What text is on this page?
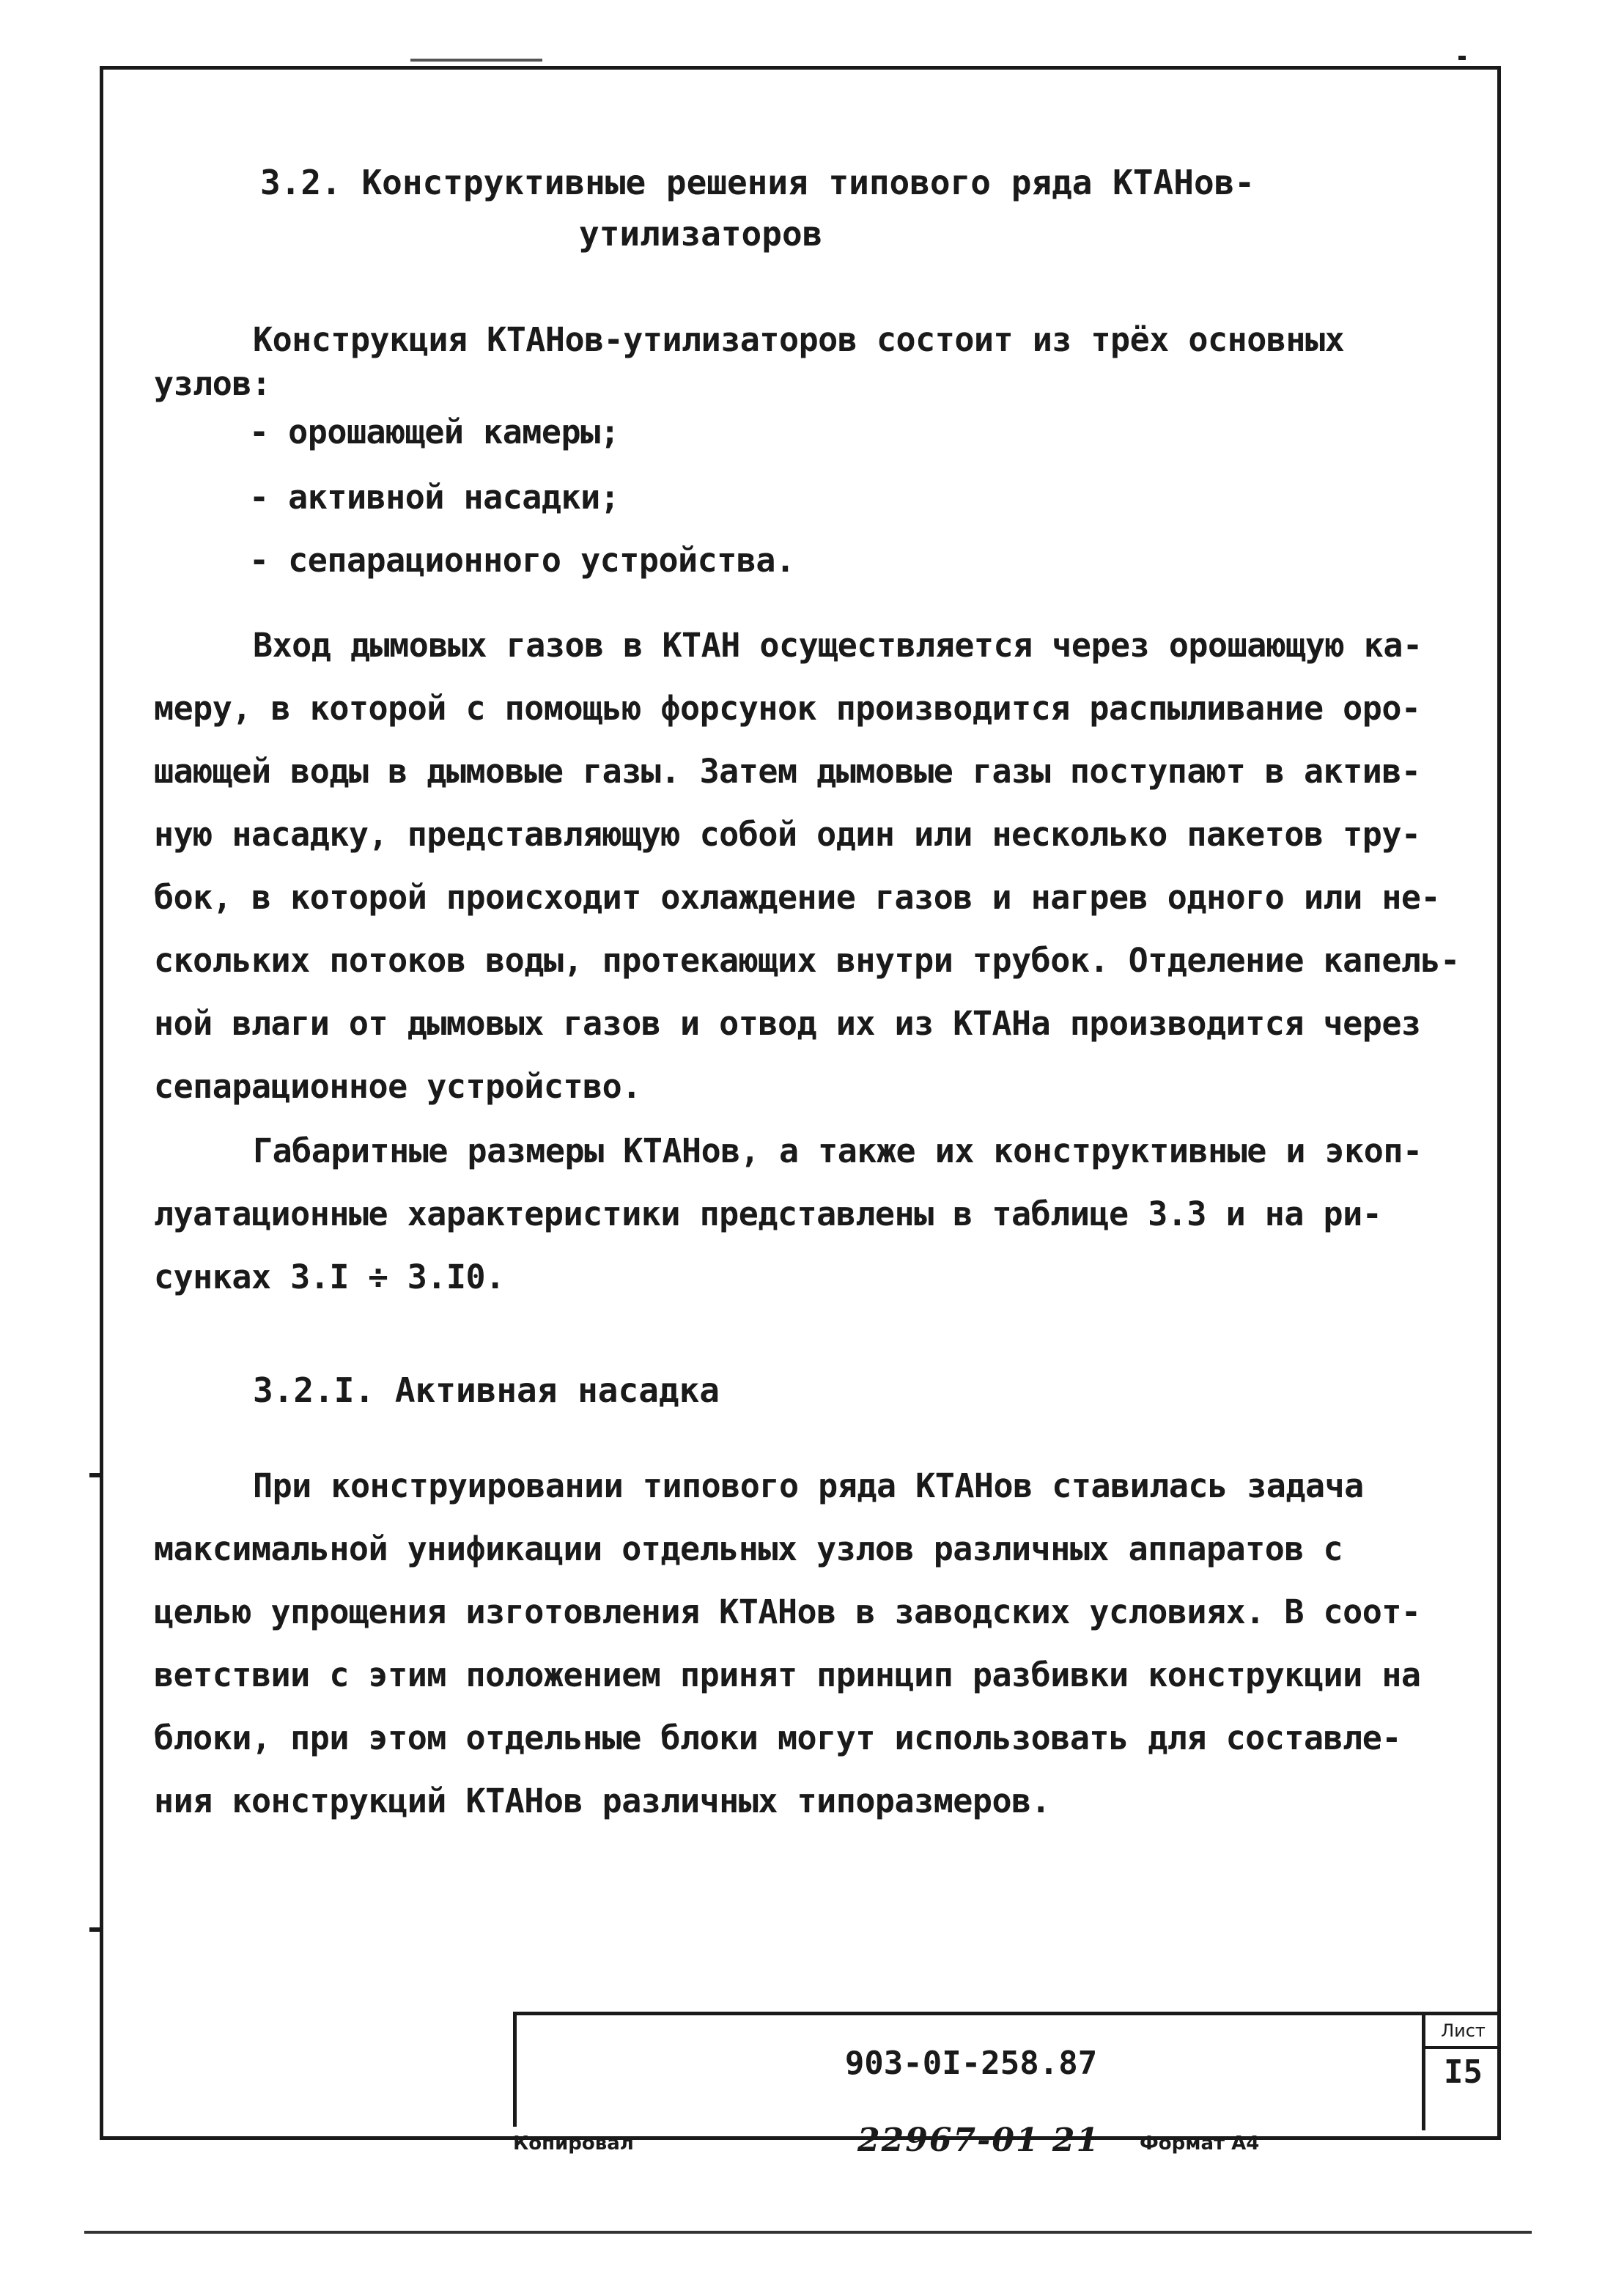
3.2. Конструктивные решения типового ряда КТАНов-
утилизаторов
Конструкция КТАНов-утилизаторов состоит из трёх основных
узлов:
- орошающей камеры;
- активной насадки;
- сепарационного устройства.
Вход дымовых газов в КТАН осуществляется через орошающую ка-
меру, в которой с помощью форсунок производится распыливание оро-
шающей воды в дымовые газы. Затем дымовые газы поступают в актив-
ную насадку, представляющую собой один или несколько пакетов тру-
бок, в которой происходит охлаждение газов и нагрев одного или не-
скольких потоков воды, протекающих внутри трубок. Отделение капель-
ной влаги от дымовых газов и отвод их из КТАНа производится через
сепарационное устройство.
Габаритные размеры КТАНов, а также их конструктивные и экоп-
луатационные характеристики представлены в таблице 3.3 и на ри-
сунках 3.I ÷ 3.I0.
3.2.I. Активная насадка
При конструировании типового ряда КТАНов ставилась задача
максимальной унификации отдельных узлов различных аппаратов с
целью упрощения изготовления КТАНов в заводских условиях. В соот-
ветствии с этим положением принят принцип разбивки конструкции на
блоки, при этом отдельные блоки могут использовать для составле-
ния конструкций КТАНов различных типоразмеров.
903-0I-258.87
Лист
I5
Копировал	22967-01 21 Формат А4
